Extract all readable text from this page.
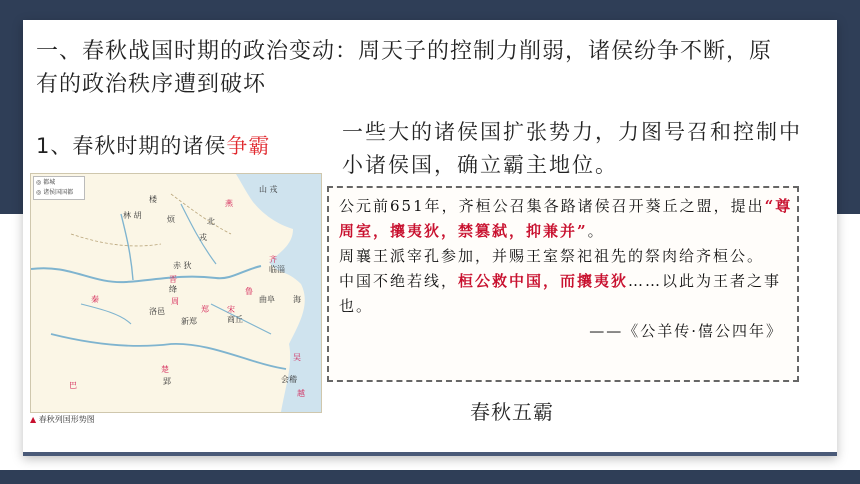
一、春秋战国时期的政治变动：周天子的控制力削弱，诸侯纷争不断，原有的政治秩序遭到破坏
1、春秋时期的诸侯争霸
一些大的诸侯国扩张势力，力图号召和控制中小诸侯国，确立霸主地位。

公元前651年，齐桓公召集各路诸侯召开葵丘之盟，提出“尊周室，攘夷狄，禁篡弑，抑兼并”。

周襄王派宰孔参加，并赐王室祭祀祖先的祭肉给齐桓公。

中国不绝若线，桓公救中国，而攘夷狄……以此为王者之事也。

——《公羊传·僖公四年》

春秋五霸
◎ 都城
◎ 诸侯国国都
楼
林 胡	烦	北
燕
山 戎
戎
赤 狄
晋
绛
临淄
齐
秦
洛邑
周
郑
鲁
曲阜
宋
商丘
新郑
海
吴
楚
郢
巴
越
会稽
▲ 春秋列国形势图
